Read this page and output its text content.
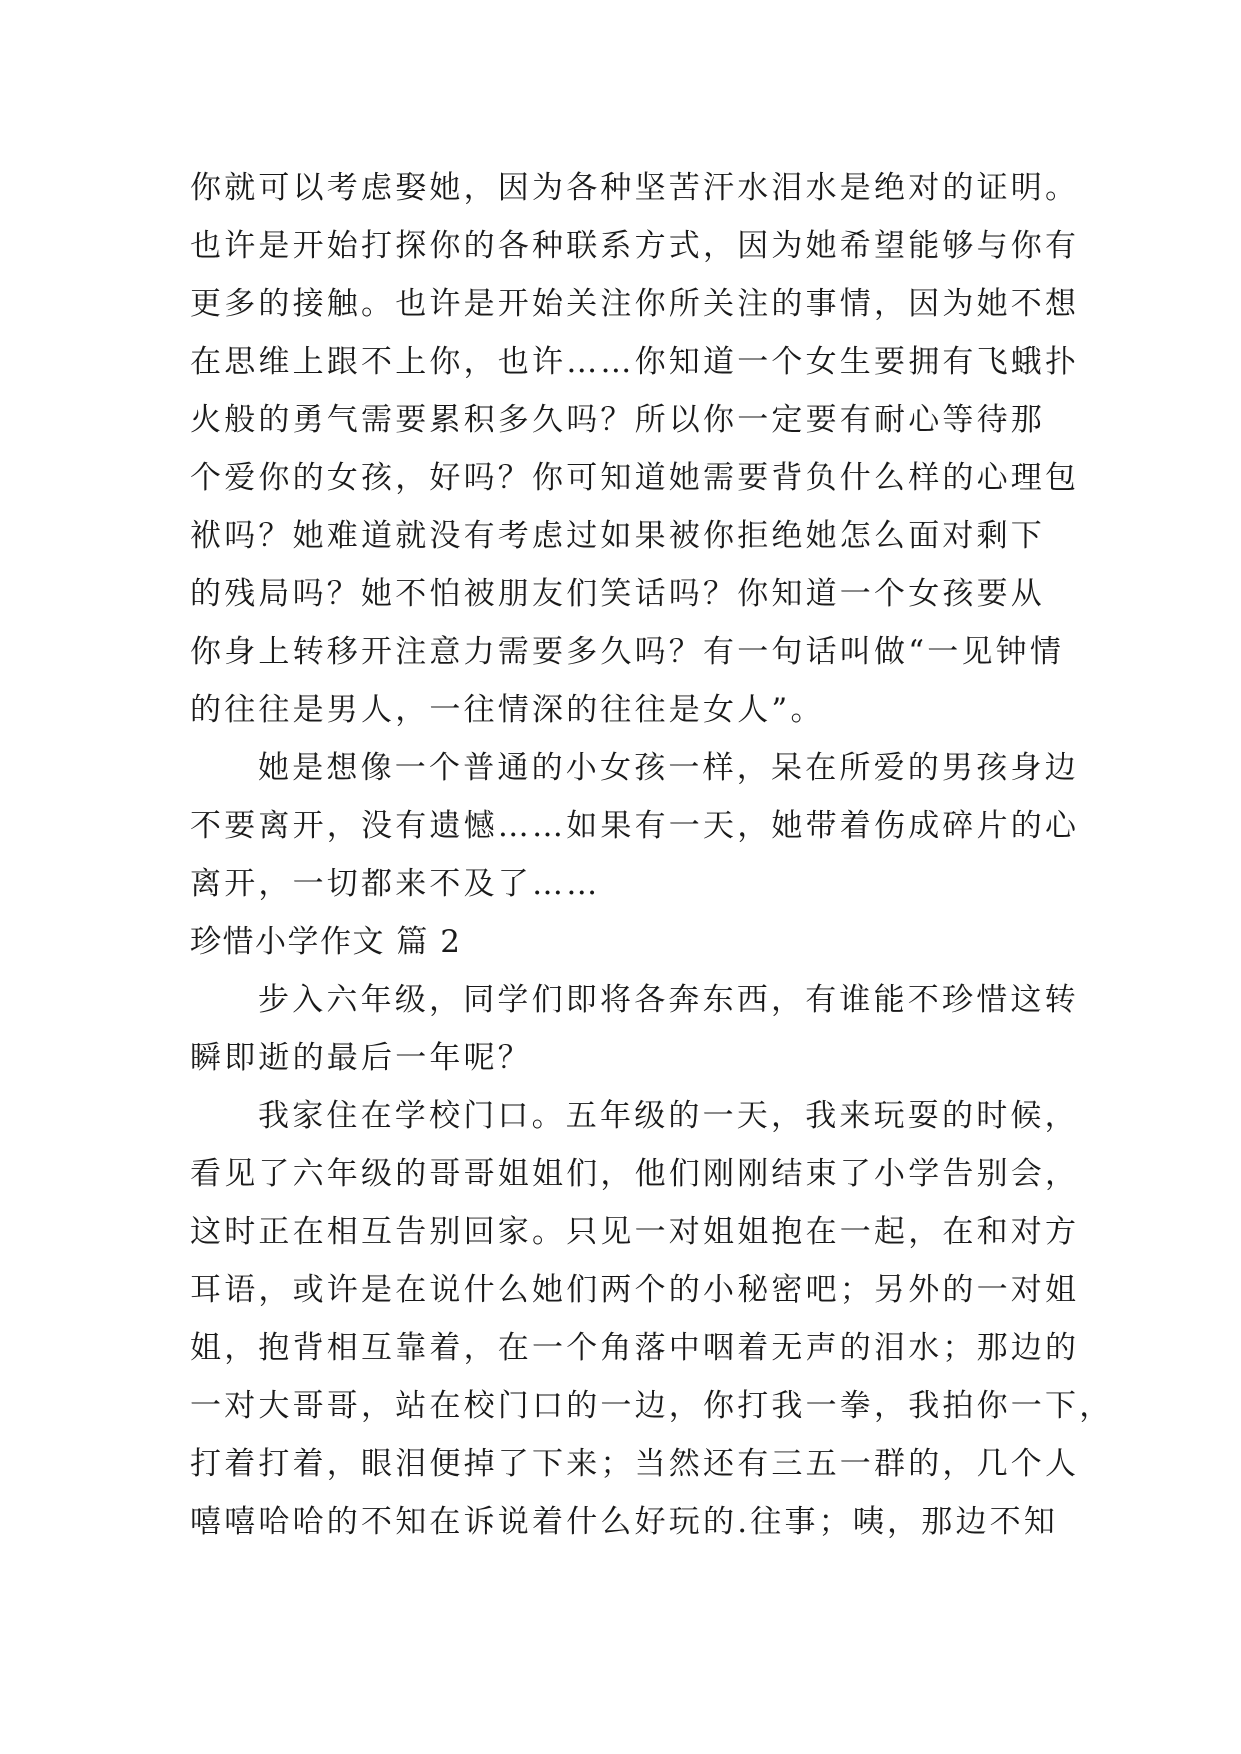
你就可以考虑娶她，因为各种坚苦汗水泪水是绝对的证明。
也许是开始打探你的各种联系方式，因为她希望能够与你有
更多的接触。也许是开始关注你所关注的事情，因为她不想
在思维上跟不上你，也许……你知道一个女生要拥有飞蛾扑
火般的勇气需要累积多久吗？所以你一定要有耐心等待那
个爱你的女孩，好吗？你可知道她需要背负什么样的心理包
袱吗？她难道就没有考虑过如果被你拒绝她怎么面对剩下
的残局吗？她不怕被朋友们笑话吗？你知道一个女孩要从
你身上转移开注意力需要多久吗？有一句话叫做“一见钟情
的往往是男人，一往情深的往往是女人”。
她是想像一个普通的小女孩一样，呆在所爱的男孩身边
不要离开，没有遗憾……如果有一天，她带着伤成碎片的心
离开，一切都来不及了……
珍惜小学作文 篇 2
步入六年级，同学们即将各奔东西，有谁能不珍惜这转
瞬即逝的最后一年呢？
我家住在学校门口。五年级的一天，我来玩耍的时候，
看见了六年级的哥哥姐姐们，他们刚刚结束了小学告别会，
这时正在相互告别回家。只见一对姐姐抱在一起，在和对方
耳语，或许是在说什么她们两个的小秘密吧；另外的一对姐
姐，抱背相互靠着，在一个角落中咽着无声的泪水；那边的
一对大哥哥，站在校门口的一边，你打我一拳，我拍你一下，
打着打着，眼泪便掉了下来；当然还有三五一群的，几个人
嘻嘻哈哈的不知在诉说着什么好玩的.往事；咦，那边不知
